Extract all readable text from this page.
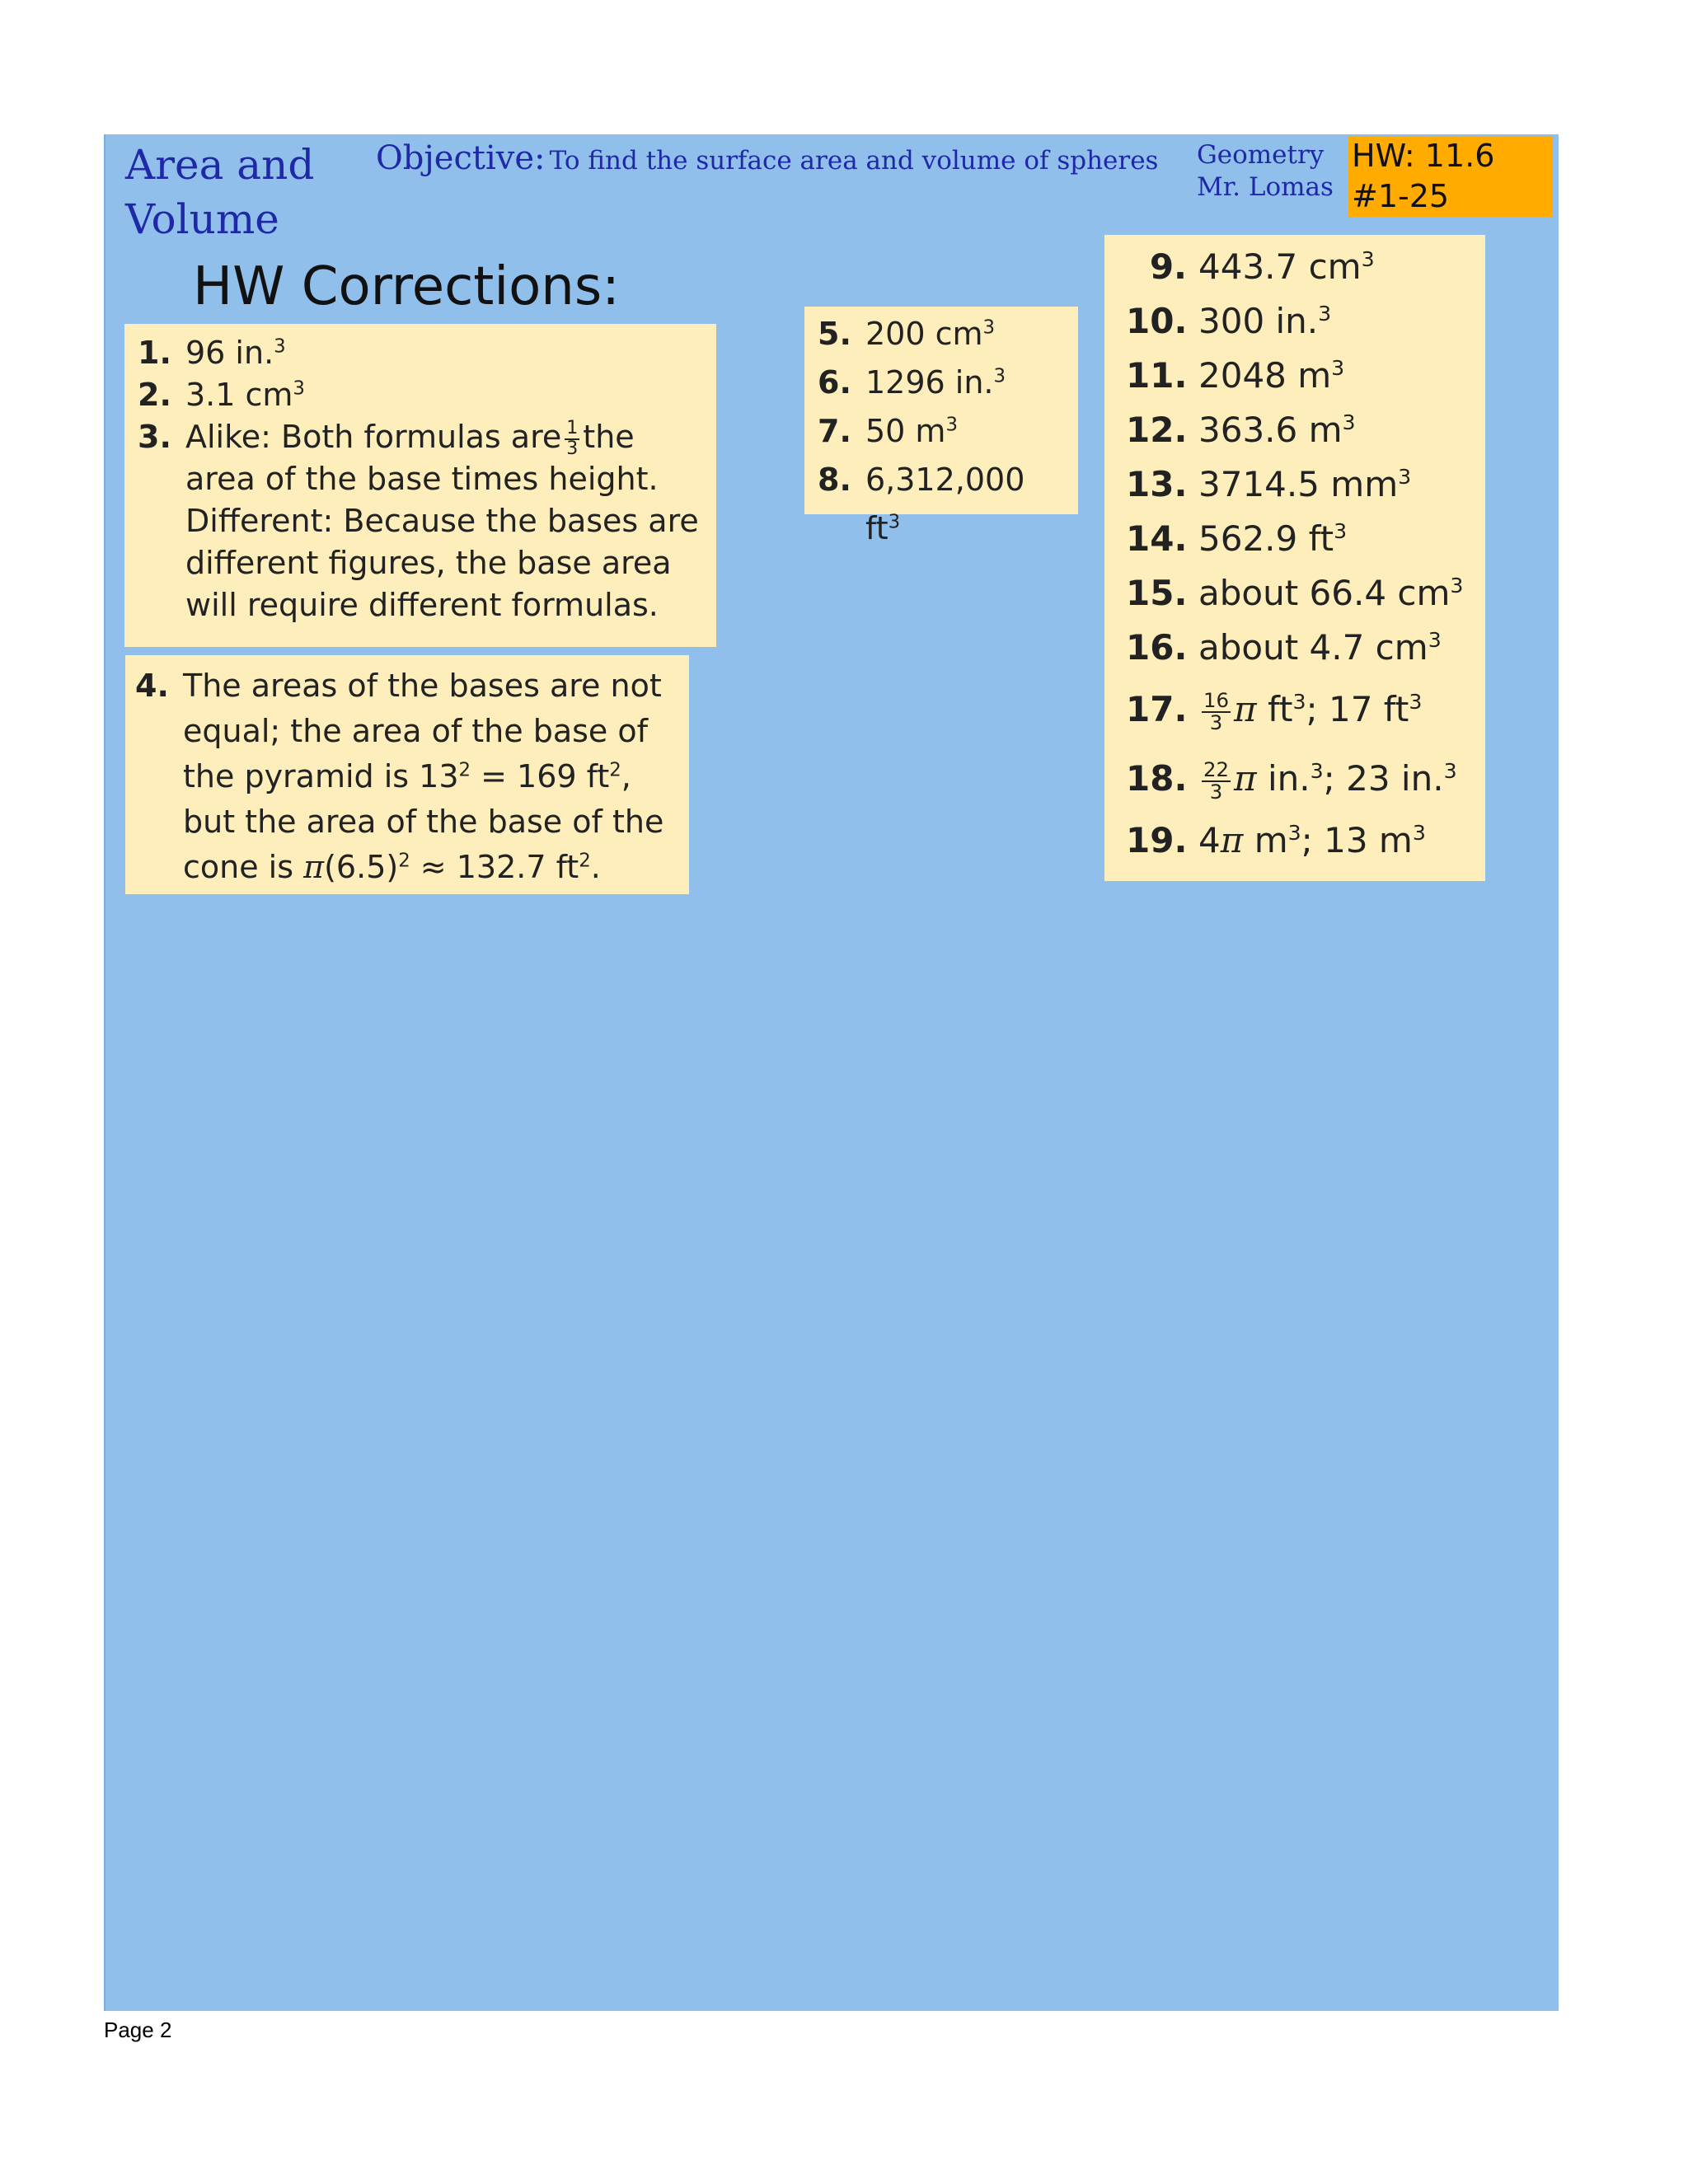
Area and
Volume
Objective: To find the surface area and volume of spheres Geometry
Mr. Lomas
HW: 11.6
#1-25
HW Corrections:
1. 96 in.$^3$
2. 3.1 $cm^3$
3. Alike: Both formulas are $\frac{1}{3}$ the area of the base times height. Different: Because the bases are different figures, the base area will require different formulas.
4. The areas of the bases are not equal; the area of the base of the pyramid is $13^2 = 169$ $ft^2$, but the area of the base of the cone is $\pi(6.5)^2 \approx 132.7$ $ft^2$.
5. 200 $cm^3$
6. 1296 in.$^3$
7. 50 $m^3$
8. 6,312,000 $ft^3$
9. 443.7 $cm^3$
10. 300 in.$^3$
11. 2048 $m^3$
12. 363.6 $m^3$
13. 3714.5 $mm^3$
14. 562.9 $ft^3$
15. about 66.4 $cm^3$
16. about 4.7 $cm^3$
17. $\frac{16}{3}$ π $ft^3$; 17 $ft^3$
18. $\frac{22}{3}$ π in.$^3$; 23 in.$^3$
19. 4π $m^3$; 13 $m^3$
Page 2
